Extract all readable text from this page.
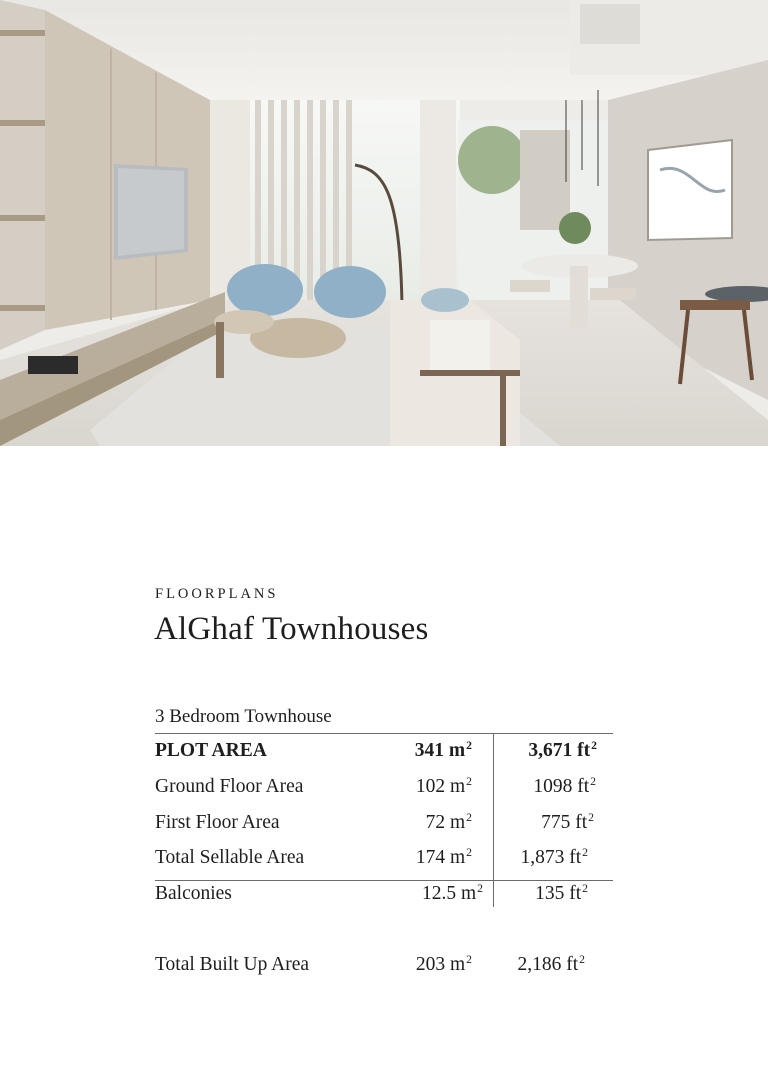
FLOORPLANS
AlGhaf Townhouses
3 Bedroom Townhouse
PLOT AREA	341 $m^2$	3,671 $ft^2$
Ground Floor Area	102 $m^2$	1098 $ft^2$
First Floor Area	72 $m^2$	775 $ft^2$
Total Sellable Area	174 $m^2$ 1,873 $ft^2$
Balconies	12.5 $m^2$	135 $ft^2$
Total Built Up Area	203 $m^2$ 2,186 $ft^2$
